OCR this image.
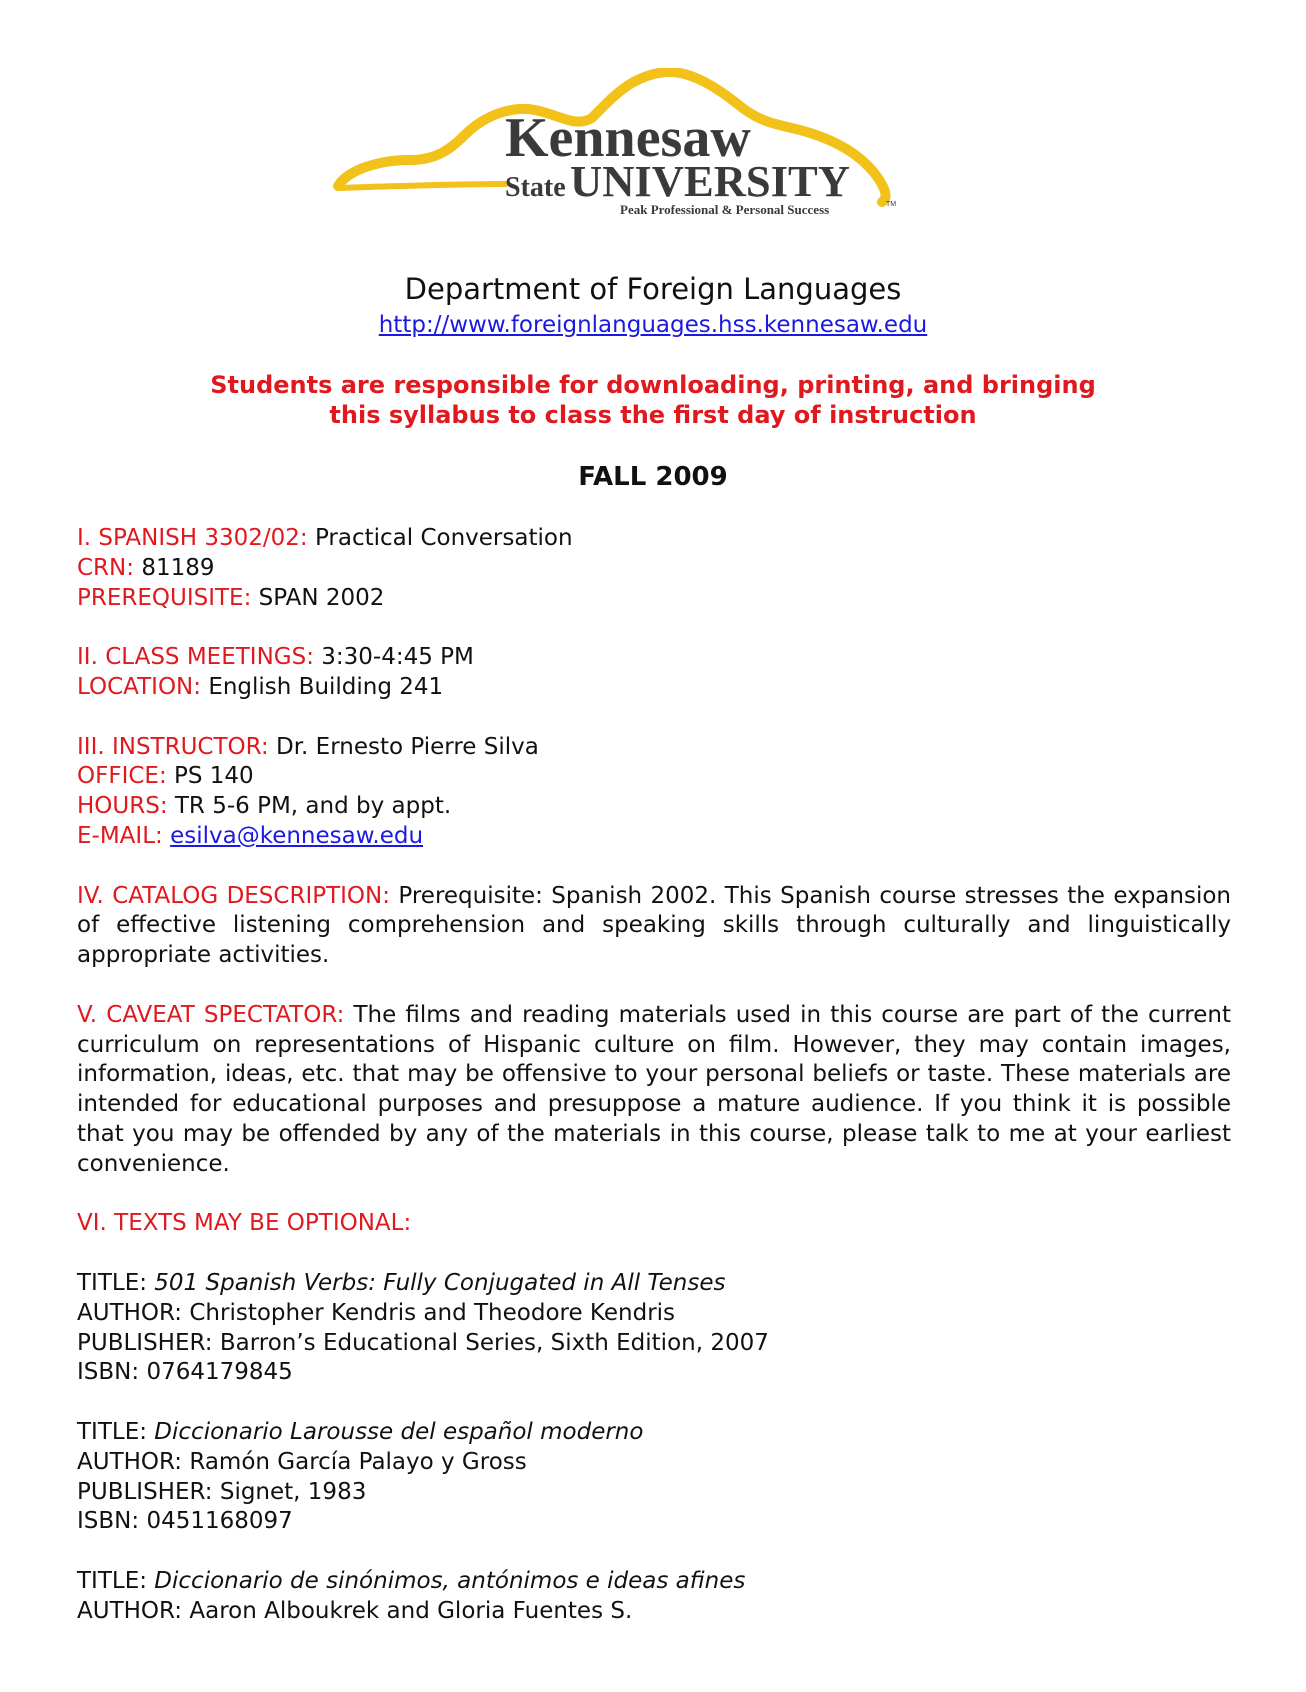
Kennesaw
State UNIVERSITY
Peak Professional & Personal Success	TM
Department of Foreign Languages
http://www.foreignlanguages.hss.kennesaw.edu
Students are responsible for downloading, printing, and bringing
this syllabus to class the first day of instruction
FALL 2009

I. SPANISH 3302/02: Practical Conversation

CRN: 81189

PREREQUISITE: SPAN 2002

II. CLASS MEETINGS: 3:30-4:45 PM

LOCATION: English Building 241

III. INSTRUCTOR: Dr. Ernesto Pierre Silva

OFFICE: PS 140

HOURS: TR 5-6 PM, and by appt.

E-MAIL: esilva@kennesaw.edu

IV. CATALOG DESCRIPTION: Prerequisite: Spanish 2002. This Spanish course stresses the expansion of effective listening comprehension and speaking skills through culturally and linguistically appropriate activities.

V. CAVEAT SPECTATOR: The films and reading materials used in this course are part of the current curriculum on representations of Hispanic culture on film. However, they may contain images, information, ideas, etc. that may be offensive to your personal beliefs or taste. These materials are intended for educational purposes and presuppose a mature audience. If you think it is possible that you may be offended by any of the materials in this course, please talk to me at your earliest convenience.

VI. TEXTS MAY BE OPTIONAL:

TITLE: 501 Spanish Verbs: Fully Conjugated in All Tenses

AUTHOR: Christopher Kendris and Theodore Kendris

PUBLISHER: Barron’s Educational Series, Sixth Edition, 2007

ISBN: 0764179845

TITLE: Diccionario Larousse del español moderno

AUTHOR: Ramón García Palayo y Gross

PUBLISHER: Signet, 1983

ISBN: 0451168097

TITLE: Diccionario de sinónimos, antónimos e ideas afines

AUTHOR: Aaron Alboukrek and Gloria Fuentes S.
